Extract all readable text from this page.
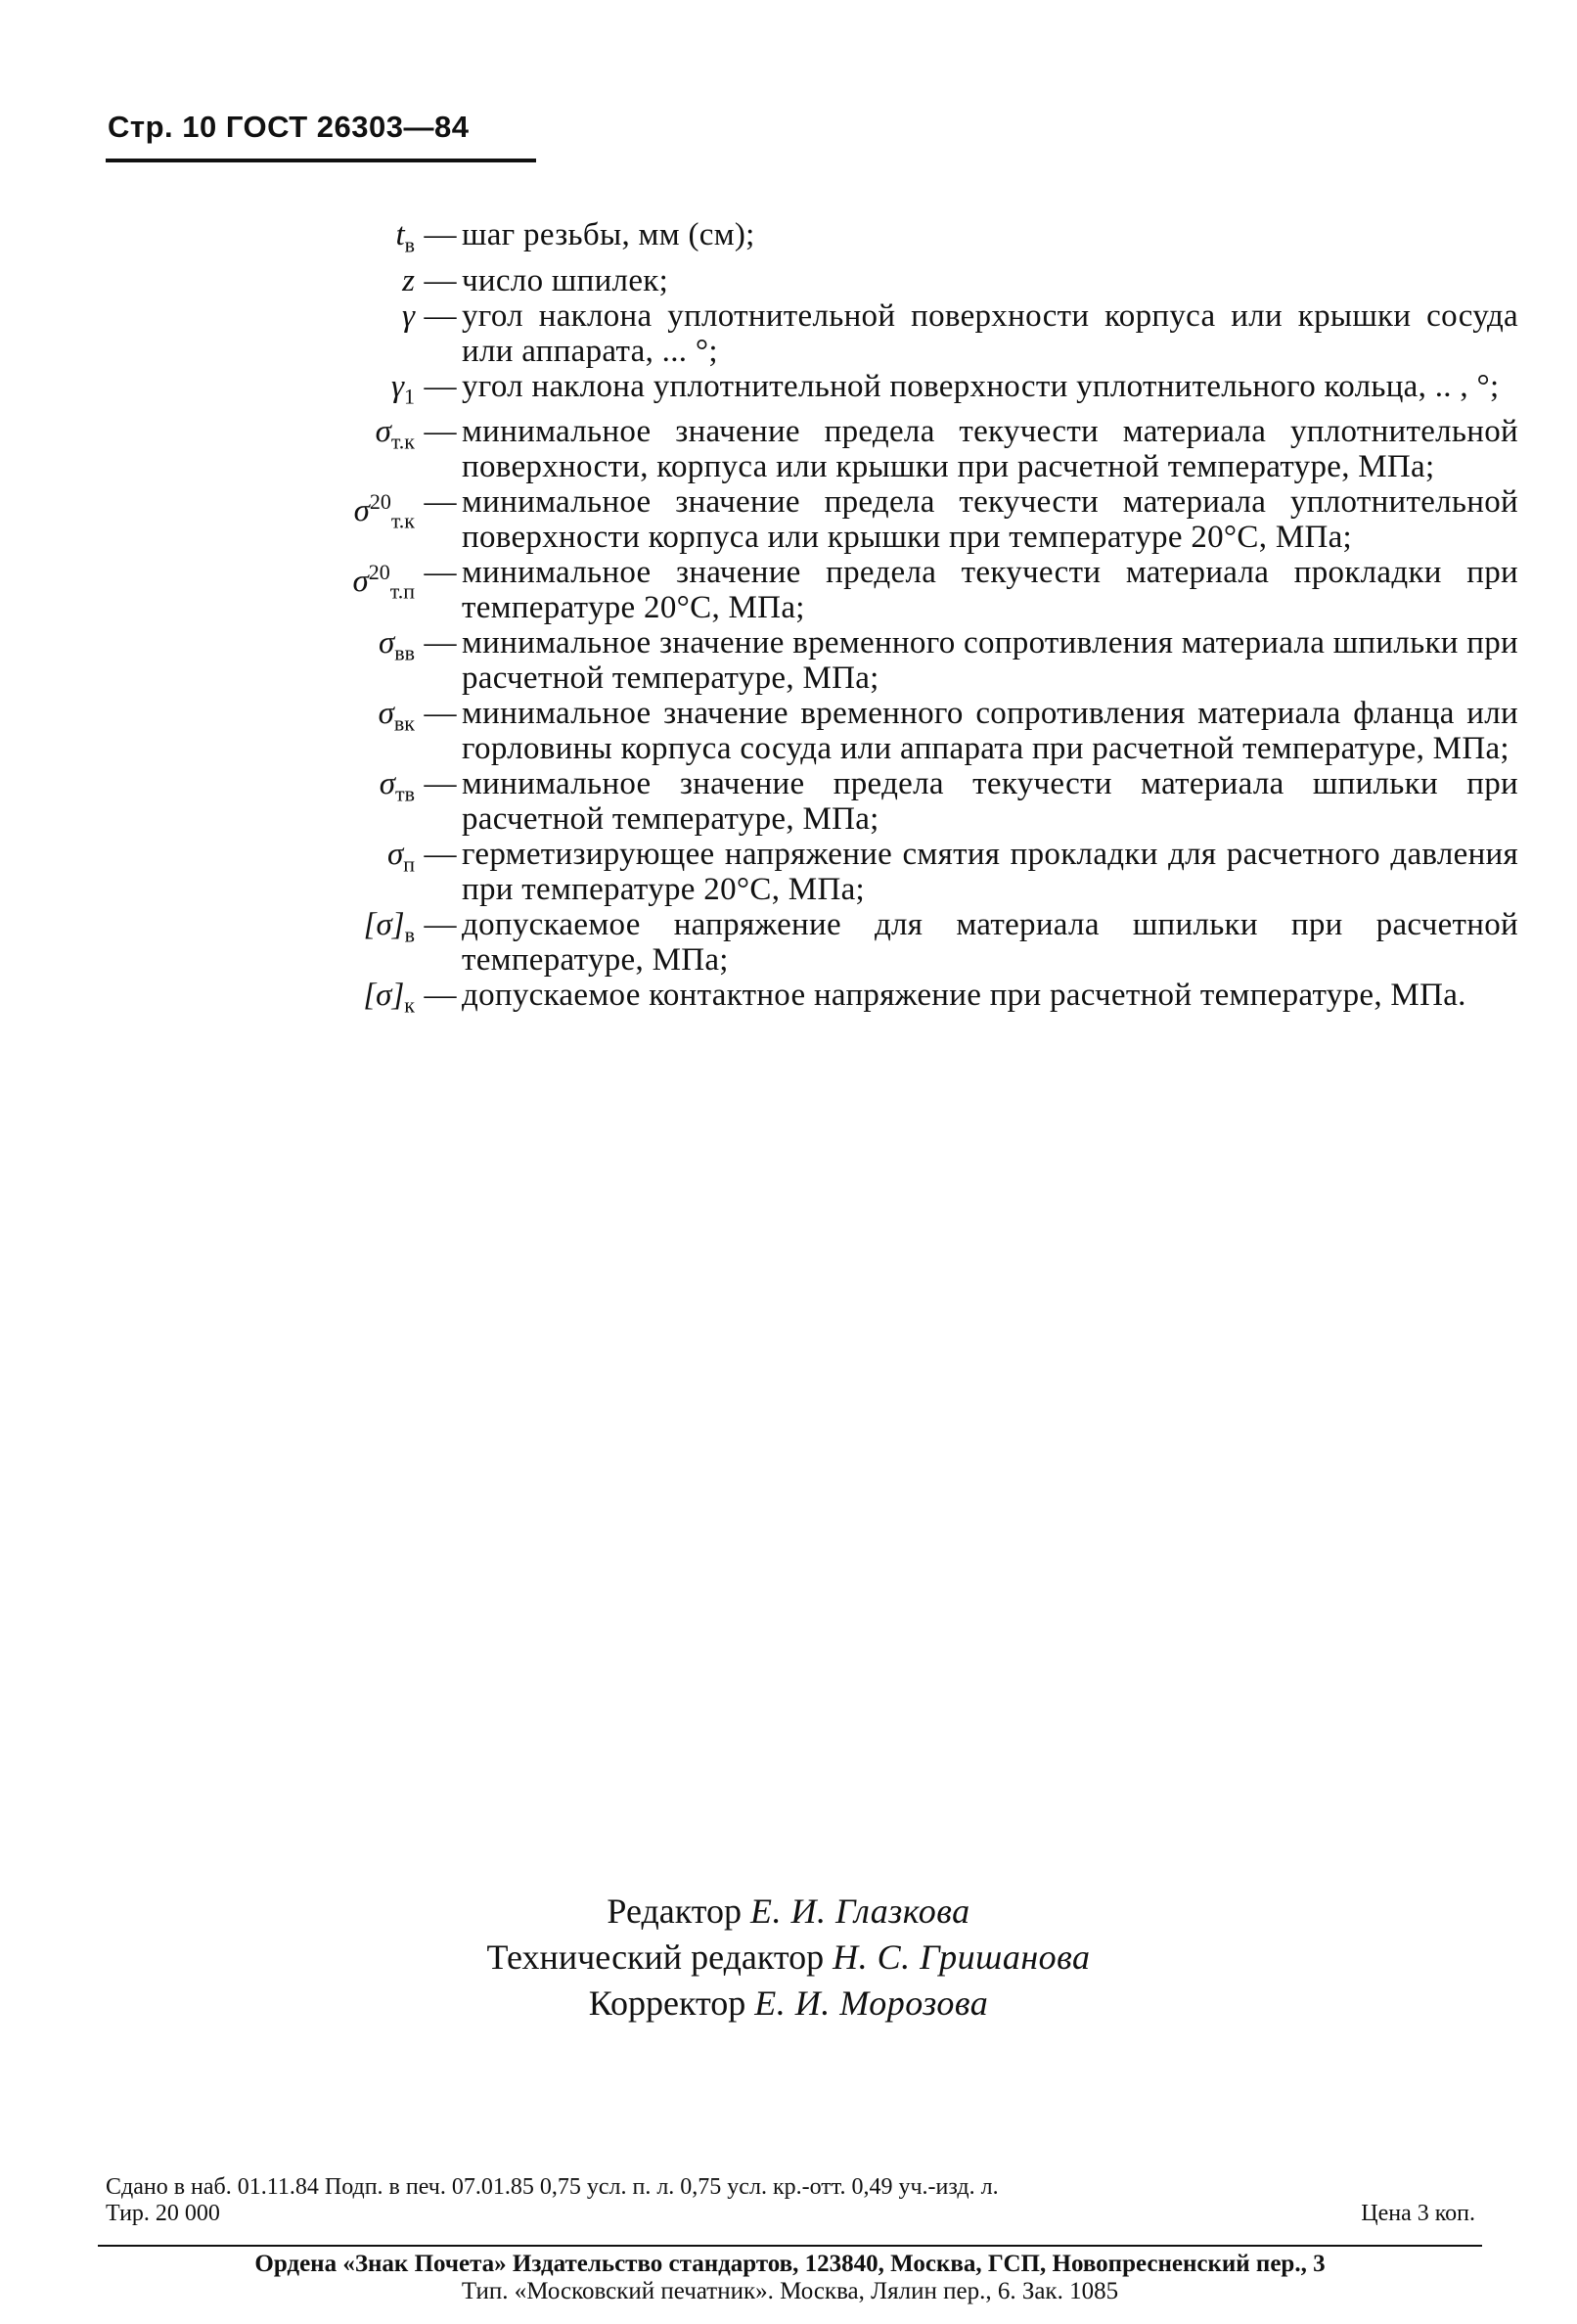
Стр. 10 ГОСТ 26303—84
$t_в$ — шаг резьбы, мм (см);
z — число шпилек;
γ — угол наклона уплотнительной поверхности корпуса или крышки сосуда или аппарата, ... °;
$\gamma_1$ — угол наклона уплотнительной поверхности уплотнительного кольца, .. , °;
$\sigma_{т.к}$ — минимальное значение предела текучести материала уплотнительной поверхности, корпуса или крышки при расчетной температуре, МПа;
$\sigma^{20}_{т.к}$
— минимальное значение предела текучести материала уплотнительной поверхности корпуса или крышки при температуре 20°С, МПа;
$\sigma^{20}_{т.п}$
— минимальное значение предела текучести материала прокладки при температуре 20°С, МПа;
$\sigma_{вв}$ — минимальное значение временного сопротивления материала шпильки при расчетной температуре, МПа;
$\sigma_{вк}$ — минимальное значение временного сопротивления материала фланца или горловины корпуса сосуда или аппарата при расчетной температуре, МПа;
$\sigma_{тв}$ — минимальное значение предела текучести материала шпильки при расчетной температуре, МПа;
$\sigma_п$ — герметизирующее напряжение смятия прокладки для расчетного давления при температуре 20°С, МПа;
$[\sigma]_в$ — допускаемое напряжение для материала шпильки при расчетной температуре, МПа;
$[\sigma]_к$ — допускаемое контактное напряжение при расчетной температуре, МПа.
Редактор Е. И. Глазкова
Технический редактор Н. С. Гришанова
Корректор Е. И. Морозова
Сдано в наб. 01.11.84 Подп. в печ. 07.01.85 0,75 усл. п. л. 0,75 усл. кр.-отт. 0,49 уч.-изд. л.
Тир. 20 000	Цена 3 коп.
Ордена «Знак Почета» Издательство стандартов, 123840, Москва, ГСП, Новопресненский пер., 3
Тип. «Московский печатник». Москва, Лялин пер., 6. Зак. 1085
